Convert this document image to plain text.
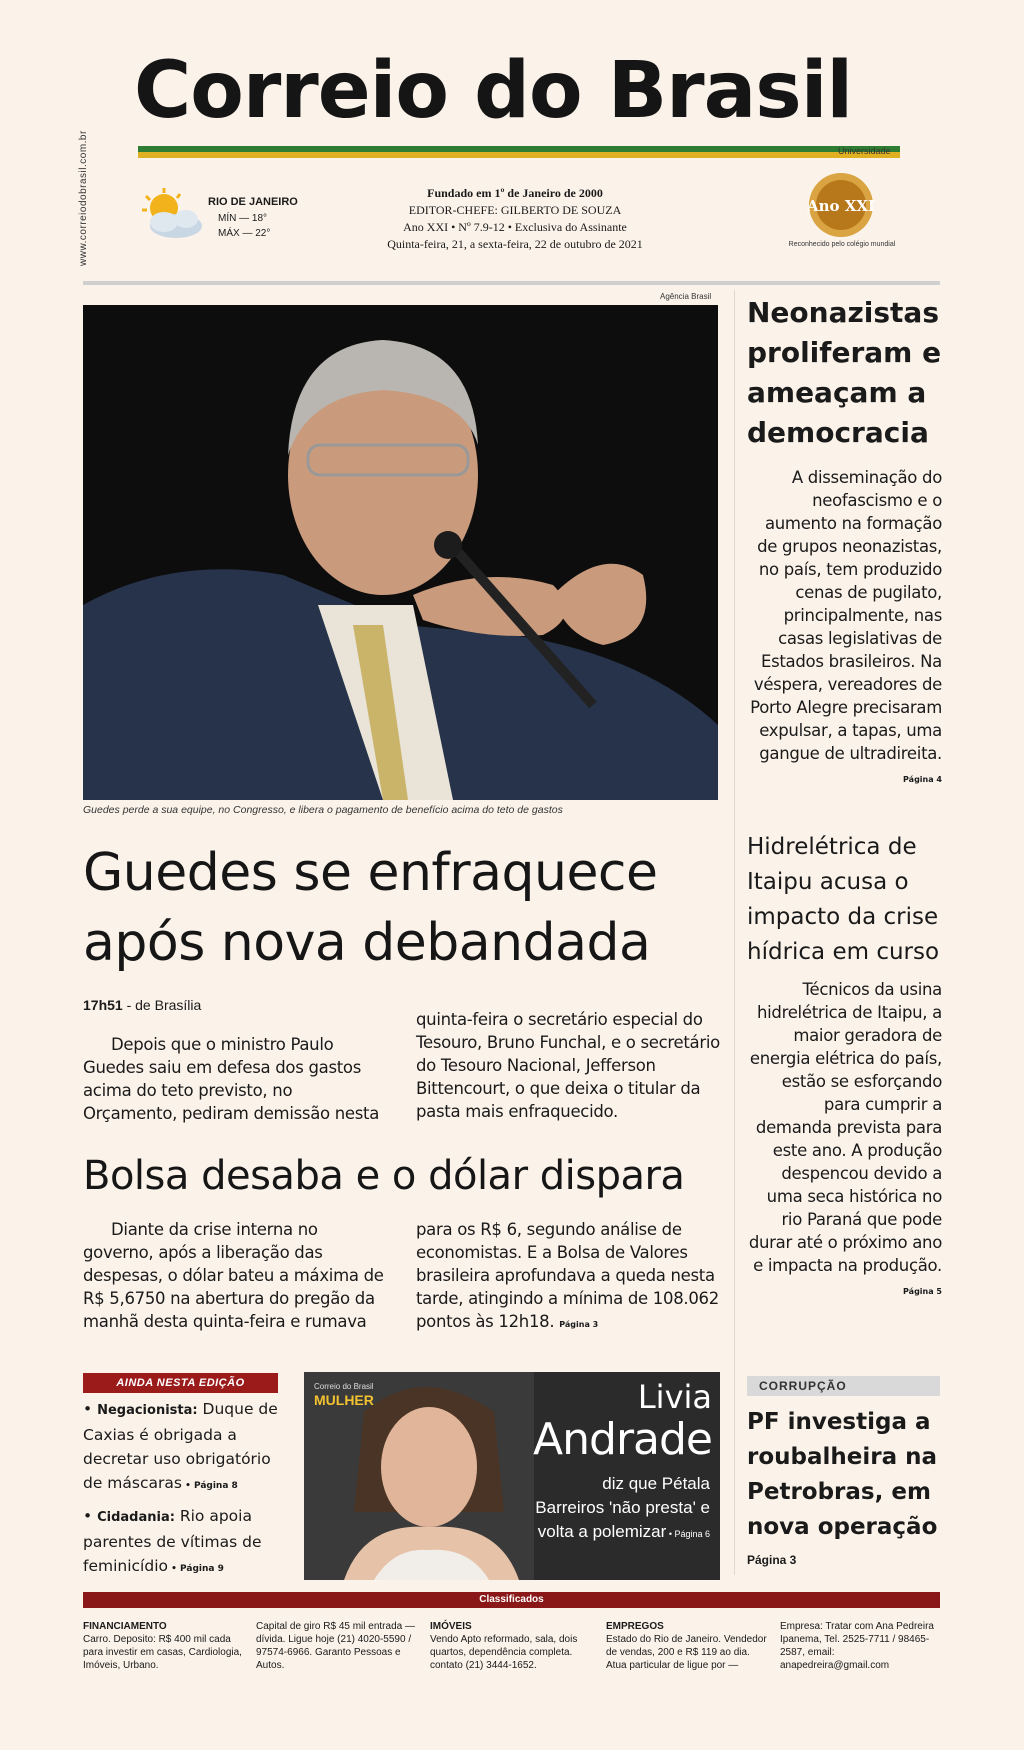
www.correiodobrasil.com.br
Correio do Brasil
Universidade
RIO DE JANEIRO
MÍN — 18°
MÁX — 22°
Fundado em 1º de Janeiro de 2000
EDITOR-CHEFE: GILBERTO DE SOUZA
Ano XXI • Nº 7.9-12 • Exclusiva do Assinante
Quinta-feira, 21, a sexta-feira, 22 de outubro de 2021
Ano XXI
Reconhecido pelo colégio mundial
Agência Brasil
Guedes perde a sua equipe, no Congresso, e libera o pagamento de benefício acima do teto de gastos
Guedes se enfraquece após nova debandada
17h51 - de Brasília
Depois que o ministro Paulo Guedes saiu em defesa dos gastos acima do teto previsto, no Orçamento, pediram demissão nesta
quinta-feira o secretário especial do Tesouro, Bruno Funchal, e o secretário do Tesouro Nacional, Jefferson Bittencourt, o que deixa o titular da pasta mais enfraquecido.
Bolsa desaba e o dólar dispara
Diante da crise interna no governo, após a liberação das despesas, o dólar bateu a máxima de R$ 5,6750 na abertura do pregão da manhã desta quinta-feira e rumava
para os R$ 6, segundo análise de economistas. E a Bolsa de Valores brasileira aprofundava a queda nesta tarde, atingindo a mínima de 108.062 pontos às 12h18. Página 3
Neonazistas proliferam e ameaçam a democracia
A disseminação do neofascismo e o aumento na formação de grupos neonazistas, no país, tem produzido cenas de pugilato, principalmente, nas casas legislativas de Estados brasileiros. Na véspera, vereadores de Porto Alegre precisaram expulsar, a tapas, uma gangue de ultradireita. Página 4
Hidrelétrica de Itaipu acusa o impacto da crise hídrica em curso
Técnicos da usina hidrelétrica de Itaipu, a maior geradora de energia elétrica do país, estão se esforçando para cumprir a demanda prevista para este ano. A produção despencou devido a uma seca histórica no rio Paraná que pode durar até o próximo ano e impacta na produção. Página 5
CORRUPÇÃO
PF investiga a roubalheira na Petrobras, em nova operação
Página 3
AINDA NESTA EDIÇÃO
• Negacionista: Duque de Caxias é obrigada a decretar uso obrigatório de máscaras • Página 8
• Cidadania: Rio apoia parentes de vítimas de feminicídio • Página 9
Correio do Brasil
MULHER	Livia
Andrade
diz que Pétala Barreiros 'não presta' e volta a polemizar • Página 6
Classificados
FINANCIAMENTO
Carro. Deposito: R$ 400 mil cada para investir em casas, Cardiologia, Imóveis, Urbano.
Capital de giro R$ 45 mil entrada — dívida. Ligue hoje (21) 4020-5590 / 97574-6966. Garanto Pessoas e Autos.
IMÓVEIS
Vendo Apto reformado, sala, dois quartos, dependência completa. contato (21) 3444-1652.
EMPREGOS
Estado do Rio de Janeiro. Vendedor de vendas, 200 e R$ 119 ao dia. Atua particular de ligue por —
Empresa: Tratar com Ana Pedreira Ipanema, Tel. 2525-7711 / 98465-2587, email: anapedreira@gmail.com
